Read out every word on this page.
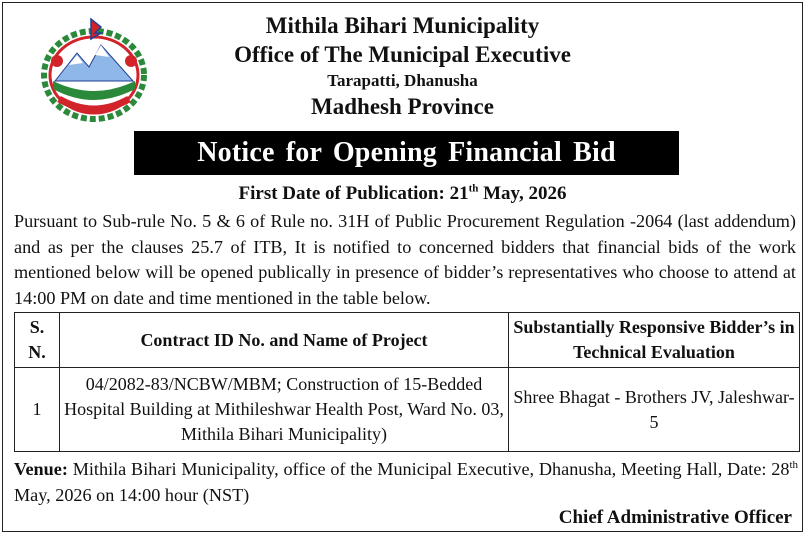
Mithila Bihari Municipality
Office of The Municipal Executive
Tarapatti, Dhanusha
Madhesh Province
Notice for Opening Financial Bid
First Date of Publication: 21th May, 2026
Pursuant to Sub-rule No. 5 & 6 of Rule no. 31H of Public Procurement Regulation -2064 (last addendum) and as per the clauses 25.7 of ITB, It is notified to concerned bidders that financial bids of the work mentioned below will be opened publically in presence of bidder’s representatives who choose to attend at 14:00 PM on date and time mentioned in the table below.
S. N.	Contract ID No. and Name of Project	Substantially Responsive Bidder’s in Technical Evaluation
1	04/2082-83/NCBW/MBM; Construction of 15-Bedded Hospital Building at Mithileshwar Health Post, Ward No. 03, Mithila Bihari Municipality)	Shree Bhagat - Brothers JV, Jaleshwar-5
Venue: Mithila Bihari Municipality, office of the Municipal Executive, Dhanusha, Meeting Hall, Date: 28th May, 2026 on 14:00 hour (NST)
Chief Administrative Officer
